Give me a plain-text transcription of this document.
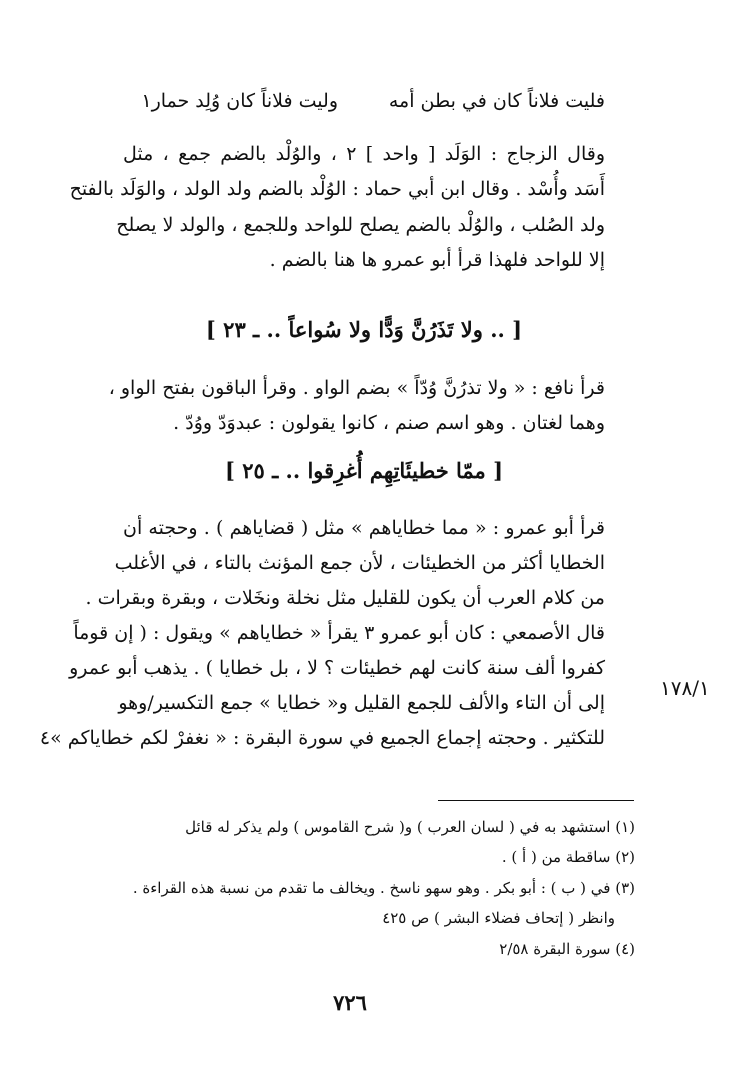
وليت فلاناً كان وُلِد حمار١	فليت فلاناً كان في بطن أمه
وقال الزجاج : الوَلَد [ واحد ] ٢ ، والوُلْد بالضم جمع ، مثل
أَسَد وأُسْد . وقال ابن أبي حماد : الوُلْد بالضم ولد الولد ، والوَلَد بالفتح
ولد الصُلب ، والوُلْد بالضم يصلح للواحد وللجمع ، والولد لا يصلح
إلا للواحد فلهذا قرأ أبو عمرو ها هنا بالضم .
[ .. ولا تَذَرُنَّ وَدًّا ولا سُواعاً .. ـ ٢٣ ]
قرأ نافع : « ولا تذرُنَّ وُدّاً » بضم الواو . وقرأ الباقون بفتح الواو ،
وهما لغتان . وهو اسم صنم ، كانوا يقولون : عبدوَدّ ووُدّ .
[ ممّا خطيئَاتِهِم أُغرِقوا .. ـ ٢٥ ]
قرأ أبو عمرو : « مما خطاياهم » مثل ( قضاياهم ) . وحجته أن
الخطايا أكثر من الخطيئات ، لأن جمع المؤنث بالتاء ، في الأغلب
من كلام العرب أن يكون للقليل مثل نخلة ونخَلات ، وبقرة وبقرات .
قال الأصمعي : كان أبو عمرو ٣ يقرأ « خطاياهم » ويقول : ( إن قوماً
كفروا ألف سنة كانت لهم خطيئات ؟ لا ، بل خطايا ) . يذهب أبو عمرو
إلى أن التاء والألف للجمع القليل و« خطايا » جمع التكسير/وهو
للتكثير . وحجته إجماع الجميع في سورة البقرة : « نغفرْ لكم خطاياكم »٤
١٧٨/١
(١) استشهد به في ( لسان العرب ) و( شرح القاموس ) ولم يذكر له قائل
(٢) ساقطة من ( أ ) .
(٣) في ( ب ) : أبو بكر . وهو سهو ناسخ . ويخالف ما تقدم من نسبة هذه القراءة .
وانظر ( إتحاف فضلاء البشر ) ص ٤٢٥
(٤) سورة البقرة ٢/٥٨
٧٢٦
